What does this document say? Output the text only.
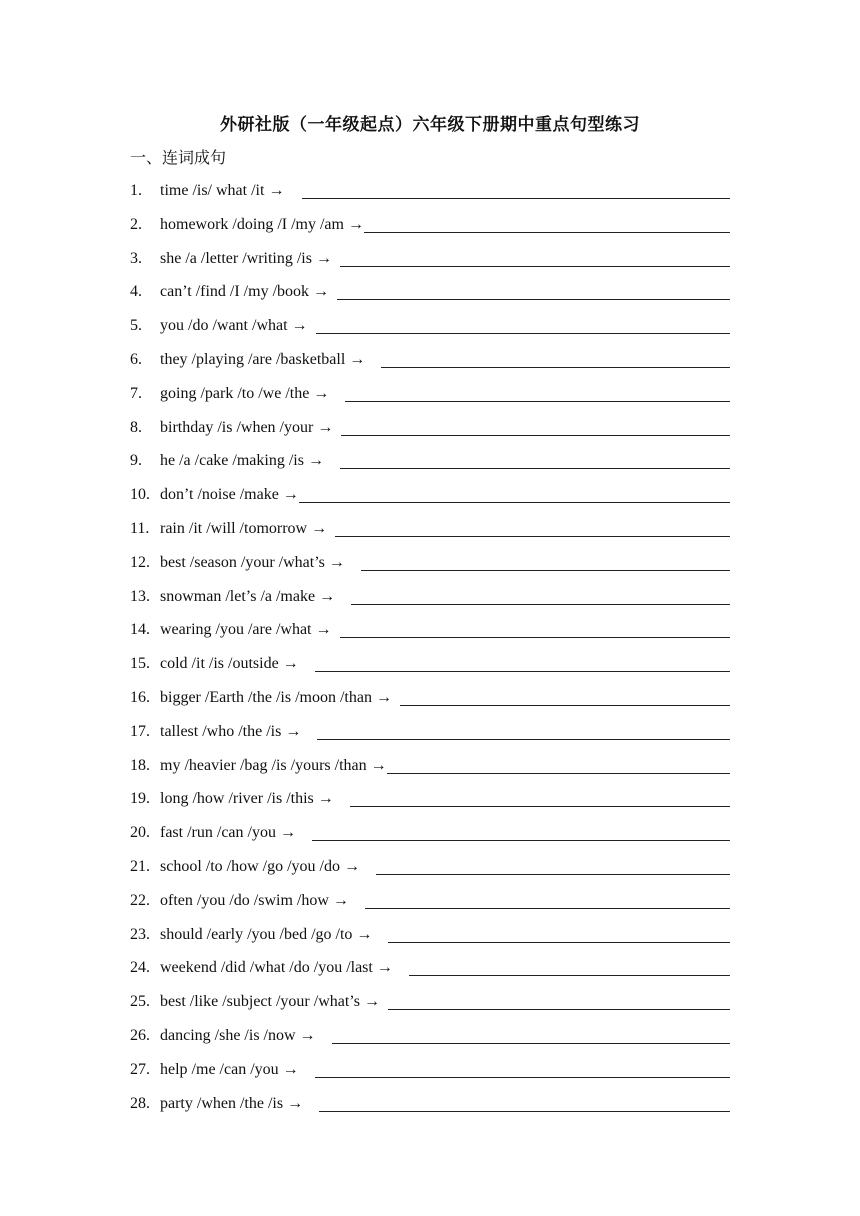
外研社版（一年级起点）六年级下册期中重点句型练习
一、连词成句
1.	time /is/ what /it →
2.	homework /doing /I /my /am →
3.	she /a /letter /writing /is →
4.	can’t /find /I /my /book →
5.	you /do /want /what →
6.	they /playing /are /basketball →
7.	going /park /to /we /the →
8.	birthday /is /when /your →
9.	he /a /cake /making /is →
10. don’t /noise /make →
11. rain /it /will /tomorrow →
12. best /season /your /what’s →
13. snowman /let’s /a /make →
14. wearing /you /are /what →
15. cold /it /is /outside →
16. bigger /Earth /the /is /moon /than →
17. tallest /who /the /is →
18. my /heavier /bag /is /yours /than →
19. long /how /river /is /this →
20. fast /run /can /you →
21. school /to /how /go /you /do →
22. often /you /do /swim /how →
23. should /early /you /bed /go /to →
24. weekend /did /what /do /you /last →
25. best /like /subject /your /what’s →
26. dancing /she /is /now →
27. help /me /can /you →
28. party /when /the /is →
